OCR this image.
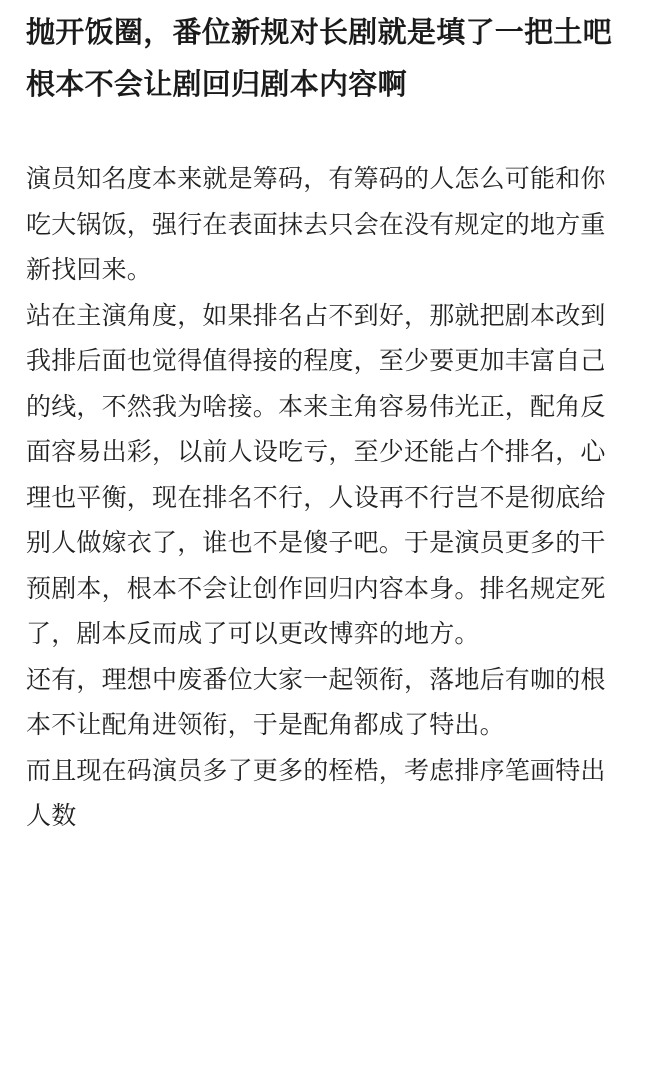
抛开饭圈，番位新规对长剧就是填了一把土吧 根本不会让剧回归剧本内容啊

演员知名度本来就是筹码，有筹码的人怎么可能和你吃大锅饭，强行在表面抹去只会在没有规定的地方重新找回来。

站在主演角度，如果排名占不到好，那就把剧本改到我排后面也觉得值得接的程度，至少要更加丰富自己的线，不然我为啥接。本来主角容易伟光正，配角反面容易出彩，以前人设吃亏，至少还能占个排名，心理也平衡，现在排名不行，人设再不行岂不是彻底给别人做嫁衣了，谁也不是傻子吧。于是演员更多的干预剧本，根本不会让创作回归内容本身。排名规定死了，剧本反而成了可以更改博弈的地方。

还有，理想中废番位大家一起领衔，落地后有咖的根本不让配角进领衔，于是配角都成了特出。

而且现在码演员多了更多的桎梏，考虑排序笔画特出人数
